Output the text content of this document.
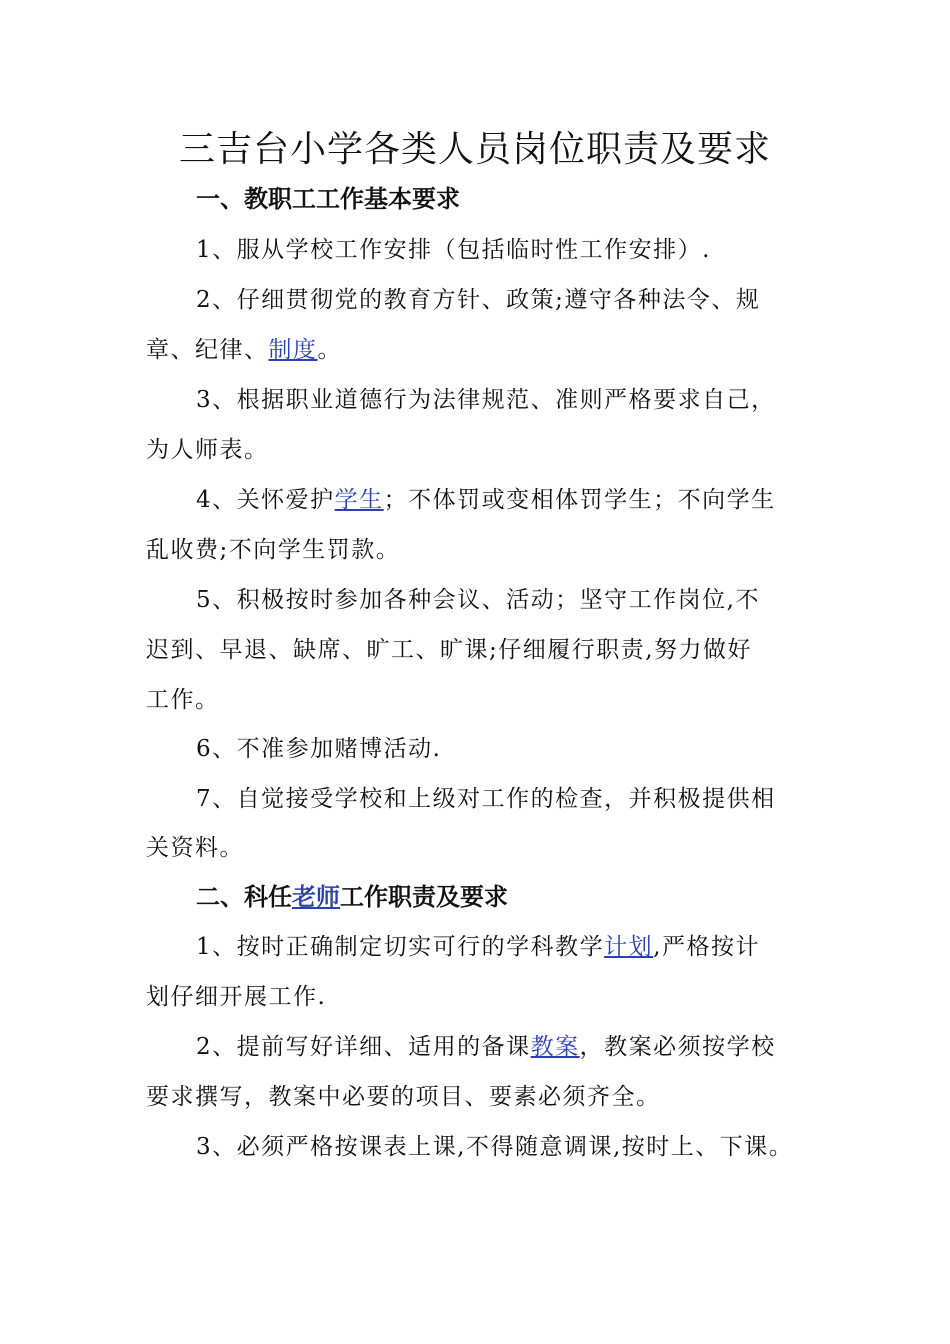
三吉台小学各类人员岗位职责及要求
一、教职工工作基本要求
1、服从学校工作安排（包括临时性工作安排）.
2、仔细贯彻党的教育方针、政策;遵守各种法令、规
章、纪律、制度。
3、根据职业道德行为法律规范、准则严格要求自己，
为人师表。
4、关怀爱护学生；不体罚或变相体罚学生；不向学生
乱收费;不向学生罚款。
5、积极按时参加各种会议、活动；坚守工作岗位,不
迟到、早退、缺席、旷工、旷课;仔细履行职责,努力做好
工作。
6、不准参加赌博活动.
7、自觉接受学校和上级对工作的检查，并积极提供相
关资料。
二、科任老师工作职责及要求
1、按时正确制定切实可行的学科教学计划,严格按计
划仔细开展工作.
2、提前写好详细、适用的备课教案，教案必须按学校
要求撰写，教案中必要的项目、要素必须齐全。
3、必须严格按课表上课,不得随意调课,按时上、下课。
